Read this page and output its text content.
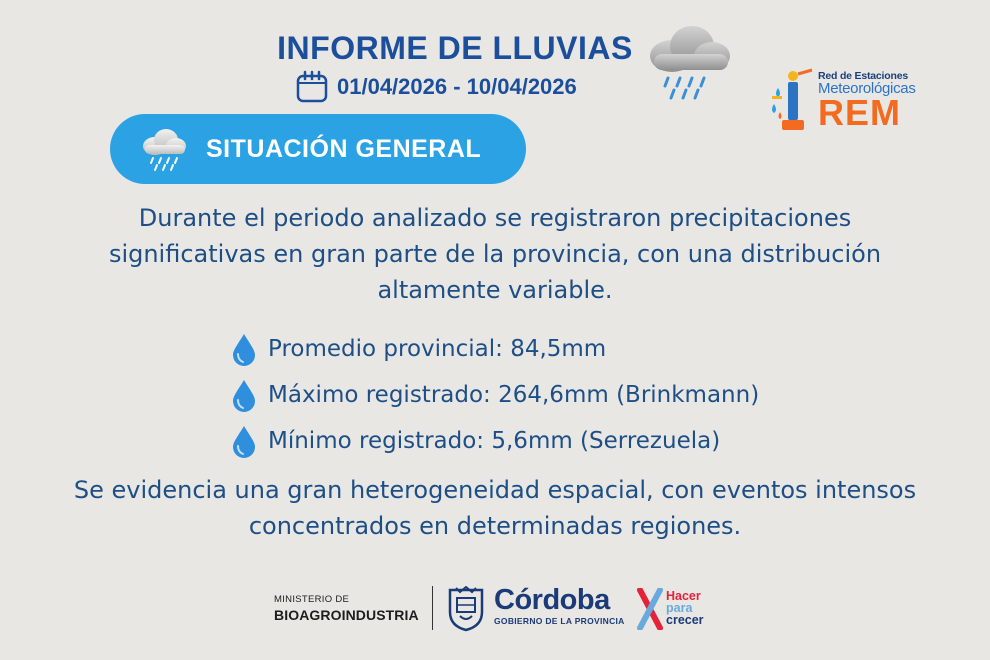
INFORME DE LLUVIAS
01/04/2026 - 10/04/2026	Red de Estaciones
Meteorológicas
REM
SITUACIÓN GENERAL
Durante el periodo analizado se registraron precipitaciones significativas en gran parte de la provincia, con una distribución altamente variable.
Promedio provincial: 84,5mm
Máximo registrado: 264,6mm (Brinkmann)
Mínimo registrado: 5,6mm (Serrezuela)
Se evidencia una gran heterogeneidad espacial, con eventos intensos concentrados en determinadas regiones.
MINISTERIO DE
BIOAGROINDUSTRIA	Córdoba
GOBIERNO DE LA PROVINCIA
Hacer
para
crecer
